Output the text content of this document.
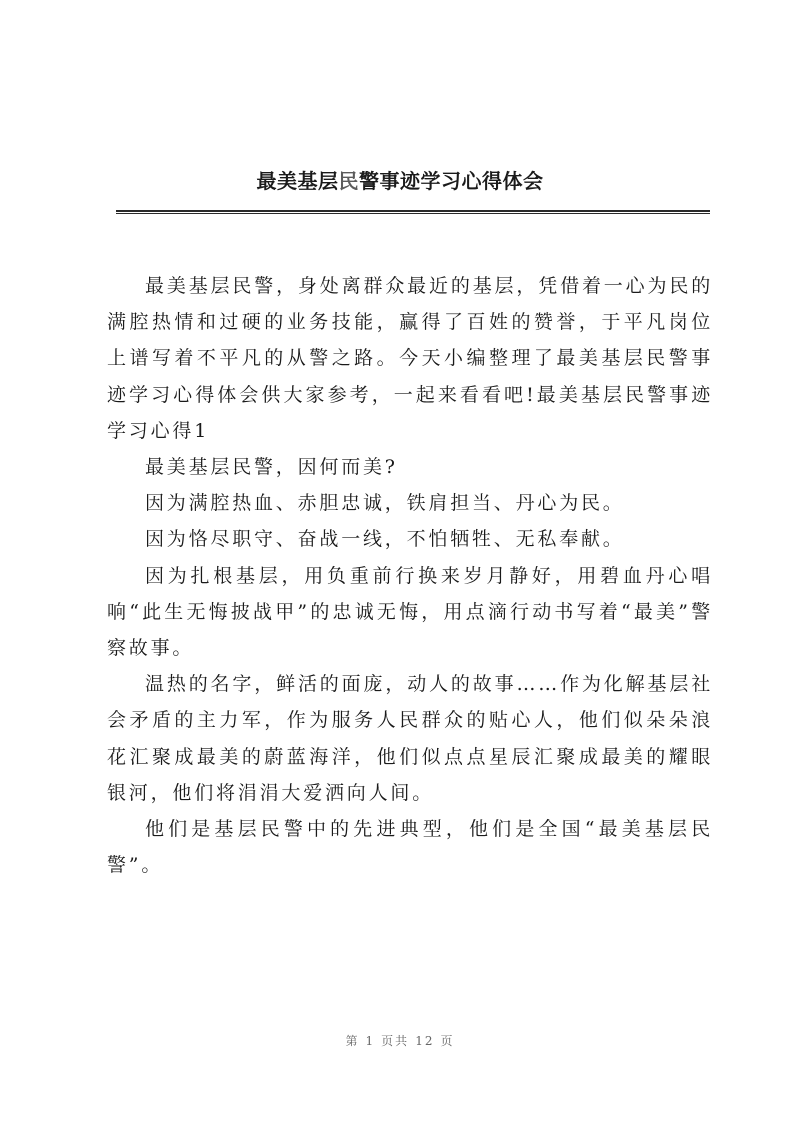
最美基层民警事迹学习心得体会

最美基层民警，身处离群众最近的基层，凭借着一心为民的满腔热情和过硬的业务技能，赢得了百姓的赞誉，于平凡岗位上谱写着不平凡的从警之路。今天小编整理了最美基层民警事迹学习心得体会供大家参考，一起来看看吧!最美基层民警事迹学习心得1

最美基层民警，因何而美?

因为满腔热血、赤胆忠诚，铁肩担当、丹心为民。

因为恪尽职守、奋战一线，不怕牺牲、无私奉献。

因为扎根基层，用负重前行换来岁月静好，用碧血丹心唱响“此生无悔披战甲”的忠诚无悔，用点滴行动书写着“最美”警察故事。

温热的名字，鲜活的面庞，动人的故事……作为化解基层社会矛盾的主力军，作为服务人民群众的贴心人，他们似朵朵浪花汇聚成最美的蔚蓝海洋，他们似点点星辰汇聚成最美的耀眼银河，他们将涓涓大爱洒向人间。

他们是基层民警中的先进典型，他们是全国“最美基层民警”。

第 1 页共 12 页
